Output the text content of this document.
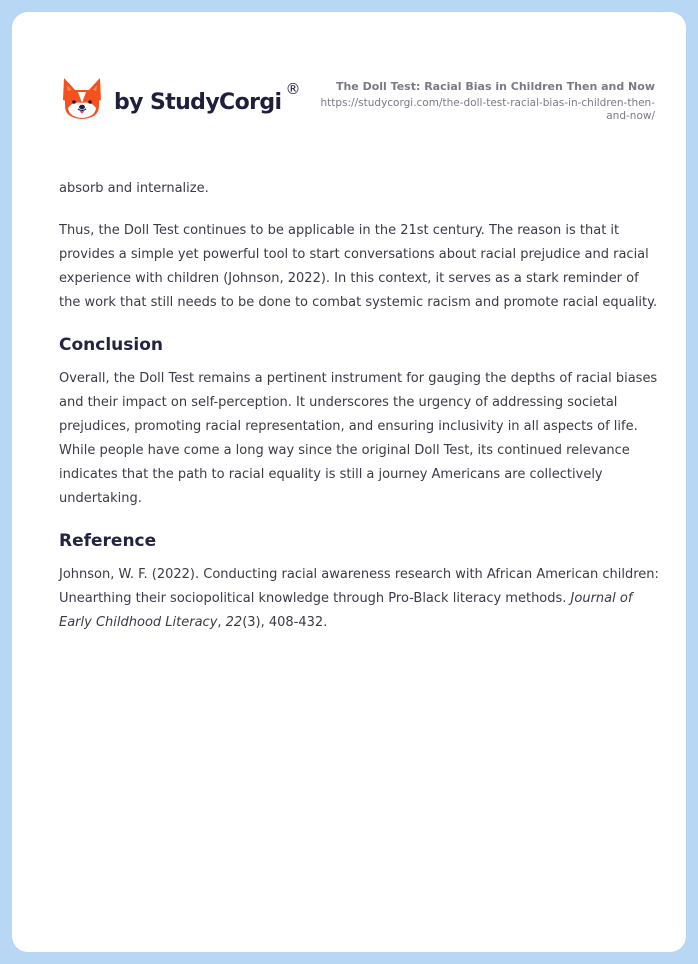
by StudyCorgi
®	The Doll Test: Racial Bias in Children Then and Now
https://studycorgi.com/the-doll-test-racial-bias-in-children-then-and-now/

absorb and internalize.

Thus, the Doll Test continues to be applicable in the 21st century. The reason is that it provides a simple yet powerful tool to start conversations about racial prejudice and racial experience with children (Johnson, 2022). In this context, it serves as a stark reminder of the work that still needs to be done to combat systemic racism and promote racial equality.

Conclusion

Overall, the Doll Test remains a pertinent instrument for gauging the depths of racial biases and their impact on self-perception. It underscores the urgency of addressing societal prejudices, promoting racial representation, and ensuring inclusivity in all aspects of life. While people have come a long way since the original Doll Test, its continued relevance indicates that the path to racial equality is still a journey Americans are collectively undertaking.

Reference

Johnson, W. F. (2022). Conducting racial awareness research with African American children: Unearthing their sociopolitical knowledge through Pro-Black literacy methods. Journal of Early Childhood Literacy, 22(3), 408-432.
